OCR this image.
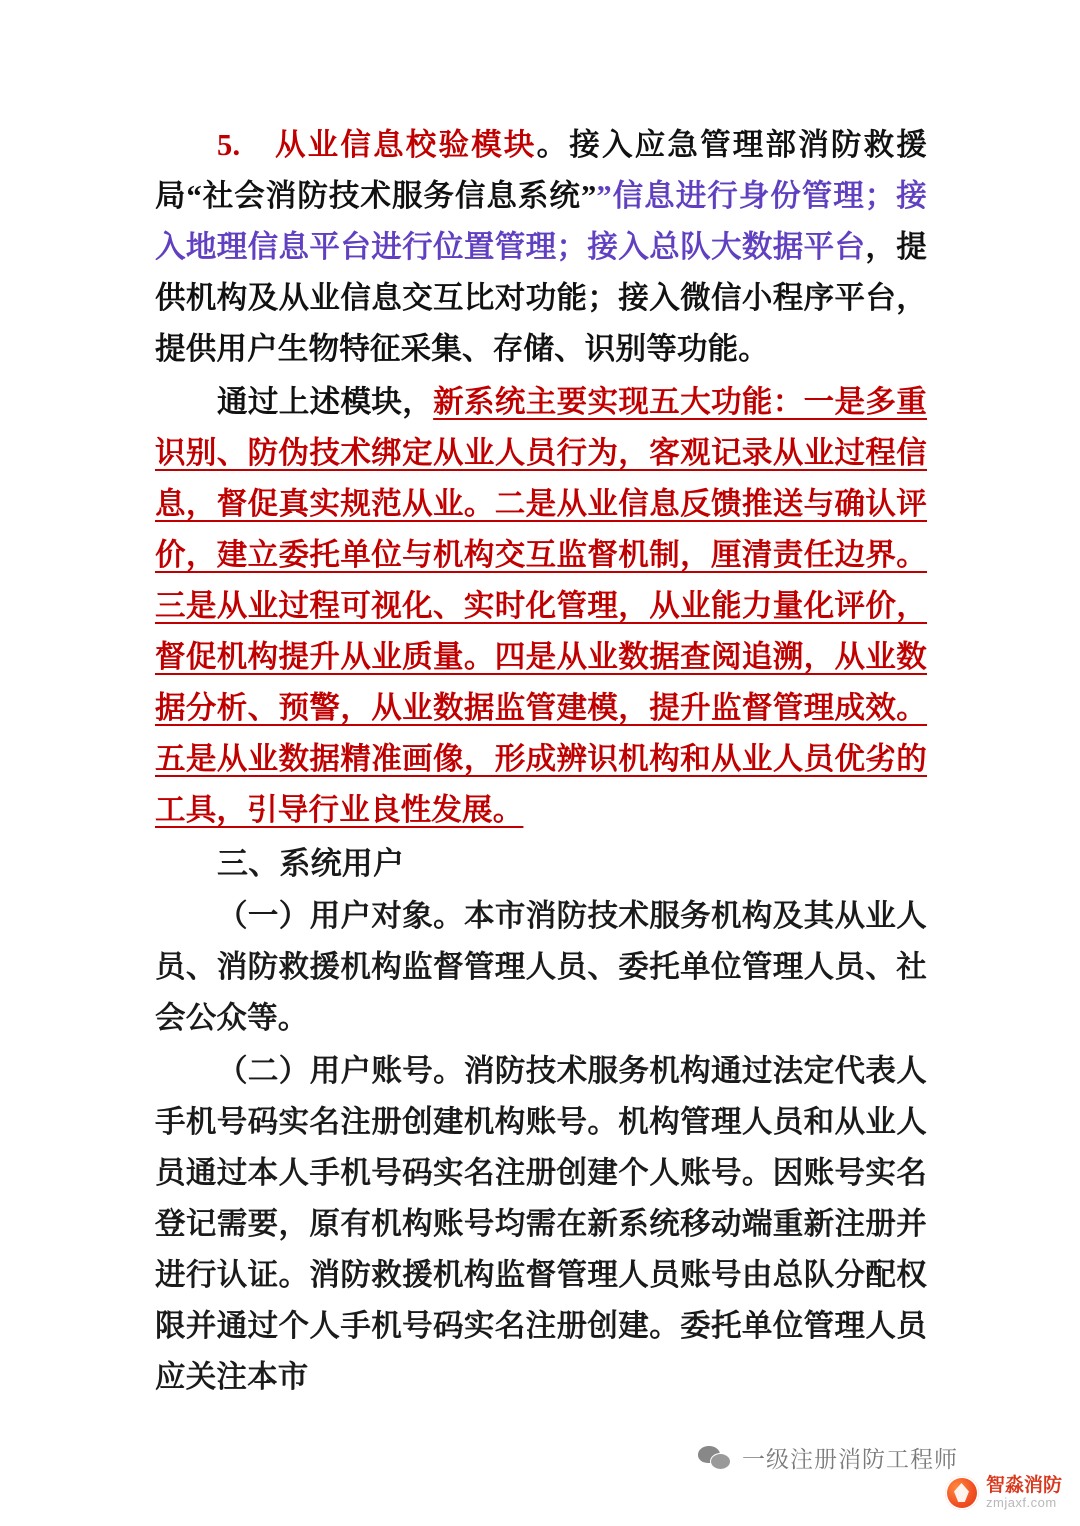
5.　从业信息校验模块。接入应急管理部消防救援局“社会消防技术服务信息系统””信息进行身份管理；接入地理信息平台进行位置管理；接入总队大数据平台，提供机构及从业信息交互比对功能；接入微信小程序平台，提供用户生物特征采集、存储、识别等功能。

通过上述模块，新系统主要实现五大功能：一是多重识别、防伪技术绑定从业人员行为，客观记录从业过程信息，督促真实规范从业。二是从业信息反馈推送与确认评价，建立委托单位与机构交互监督机制，厘清责任边界。三是从业过程可视化、实时化管理，从业能力量化评价，督促机构提升从业质量。四是从业数据查阅追溯，从业数据分析、预警，从业数据监管建模，提升监督管理成效。五是从业数据精准画像，形成辨识机构和从业人员优劣的工具，引导行业良性发展。

三、系统用户

（一）用户对象。本市消防技术服务机构及其从业人员、消防救援机构监督管理人员、委托单位管理人员、社会公众等。

（二）用户账号。消防技术服务机构通过法定代表人手机号码实名注册创建机构账号。机构管理人员和从业人员通过本人手机号码实名注册创建个人账号。因账号实名登记需要，原有机构账号均需在新系统移动端重新注册并进行认证。消防救援机构监督管理人员账号由总队分配权限并通过个人手机号码实名注册创建。委托单位管理人员应关注本市

一级注册消防工程师
智淼消防
zmjaxf.com
